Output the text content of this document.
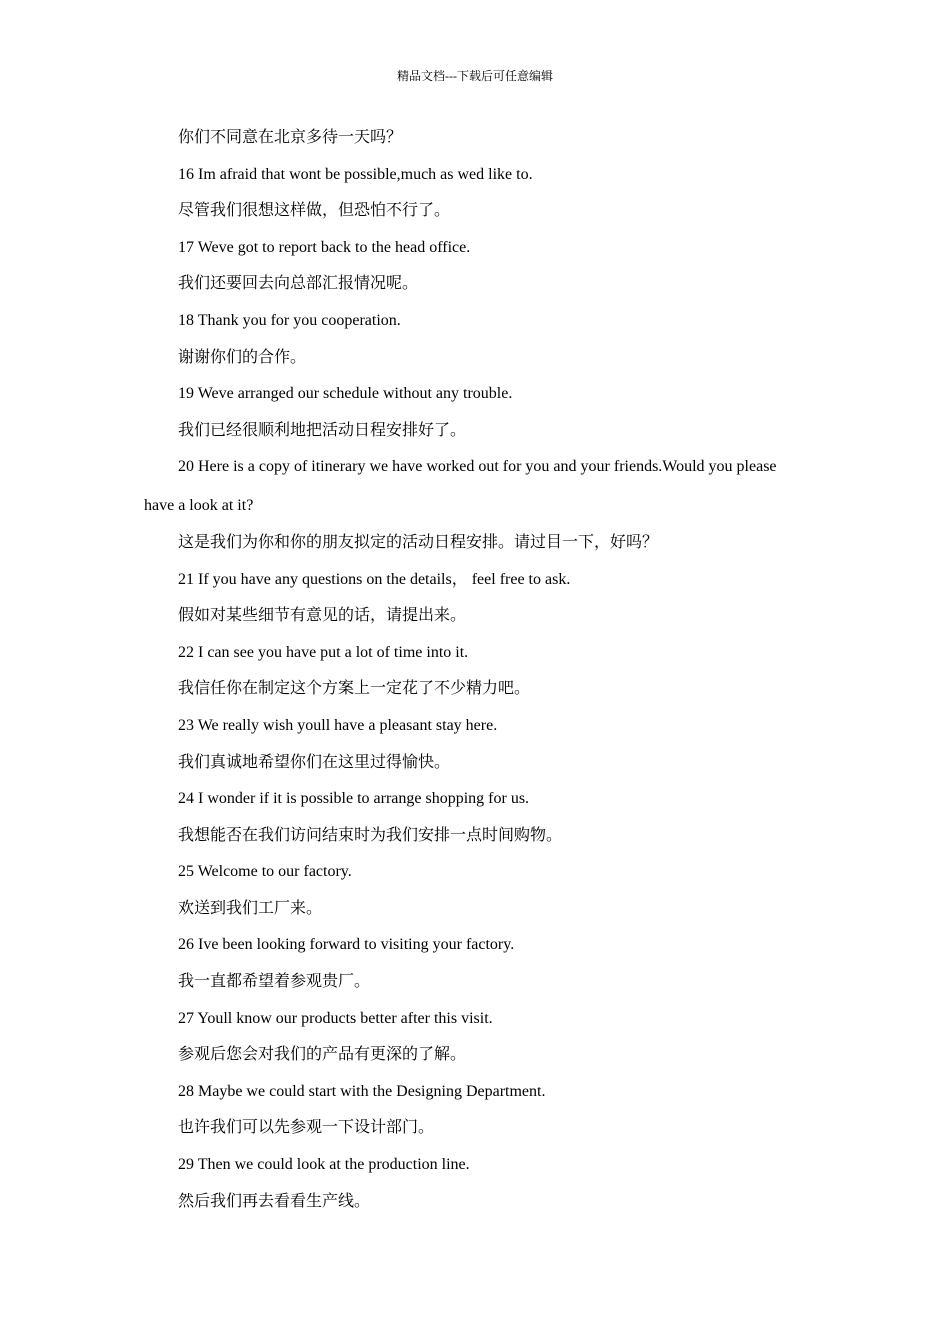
精品文档---下载后可任意编辑
你们不同意在北京多待一天吗？
16 Im afraid that wont be possible,much as wed like to.
尽管我们很想这样做，但恐怕不行了。
17 Weve got to report back to the head office.
我们还要回去向总部汇报情况呢。
18 Thank you for you cooperation.
谢谢你们的合作。
19 Weve arranged our schedule without any trouble.
我们已经很顺利地把活动日程安排好了。
20 Here is a copy of itinerary we have worked out for you and your friends.Would you please
have a look at it?
这是我们为你和你的朋友拟定的活动日程安排。请过目一下，好吗？
21 If you have any questions on the details， feel free to ask.
假如对某些细节有意见的话，请提出来。
22 I can see you have put a lot of time into it.
我信任你在制定这个方案上一定花了不少精力吧。
23 We really wish youll have a pleasant stay here.
我们真诚地希望你们在这里过得愉快。
24 I wonder if it is possible to arrange shopping for us.
我想能否在我们访问结束时为我们安排一点时间购物。
25 Welcome to our factory.
欢送到我们工厂来。
26 Ive been looking forward to visiting your factory.
我一直都希望着参观贵厂。
27 Youll know our products better after this visit.
参观后您会对我们的产品有更深的了解。
28 Maybe we could start with the Designing Department.
也许我们可以先参观一下设计部门。
29 Then we could look at the production line.
然后我们再去看看生产线。
